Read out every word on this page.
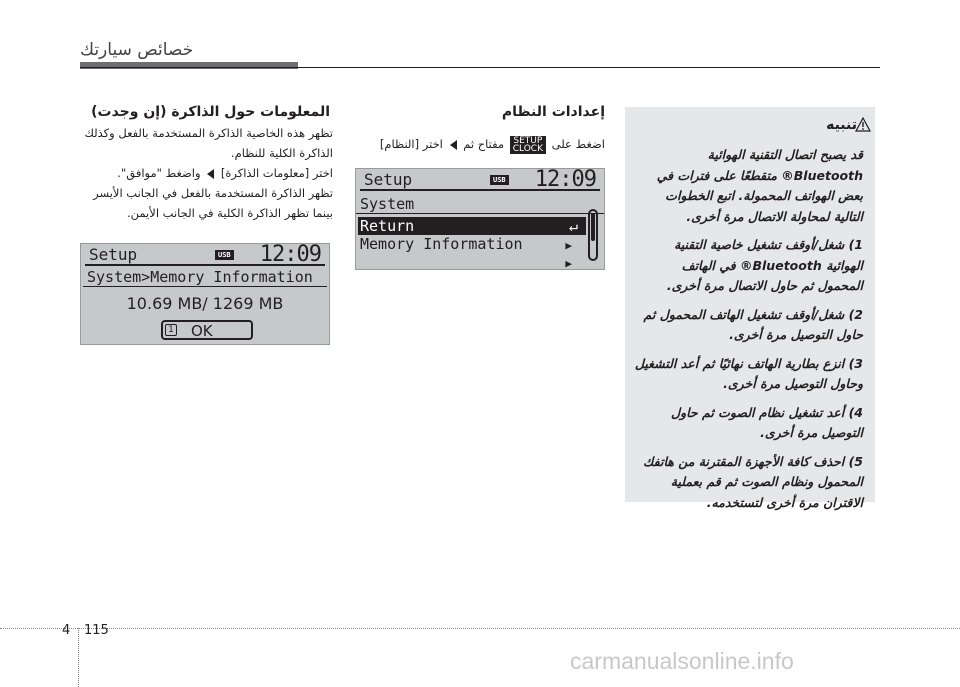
خصائص سيارتك
المعلومات حول الذاكرة (إن وجدت)
تظهر هذه الخاصية الذاكرة المستخدمة بالفعل وكذلك
الذاكرة الكلية للنظام.
اختر [معلومات الذاكرة]  واضغط "موافق".
تظهر الذاكرة المستخدمة بالفعل في الجانب الأيسر
بينما تظهر الذاكرة الكلية في الجانب الأيمن.
Setup	USB 12:09
System>Memory Information
10.69 MB/ 1269 MB
1 OK
إعدادات النظام
اضغط على
SETUP
CLOCK
مفتاح ثم  اختر [النظام]
Setup	USB 12:09
System
Return	↵
Memory Information	▶
▶
تنبيه
قد يصبح اتصال التقنية الهوائية Bluetooth® متقطعًا على فترات في بعض الهواتف المحمولة. اتبع الخطوات التالية لمحاولة الاتصال مرة أخرى.
1) شغل/أوقف تشغيل خاصية التقنية الهوائية Bluetooth® في الهاتف المحمول ثم حاول الاتصال مرة أخرى.
2) شغل/أوقف تشغيل الهاتف المحمول ثم حاول التوصيل مرة أخرى.
3) انزع بطارية الهاتف نهائيًا ثم أعد التشغيل وحاول التوصيل مرة أخرى.
4) أعد تشغيل نظام الصوت ثم حاول التوصيل مرة أخرى.
5) احذف كافة الأجهزة المقترنة من هاتفك المحمول ونظام الصوت ثم قم بعملية الاقتران مرة أخرى لتستخدمه.
4 115
carmanualsonline.info
